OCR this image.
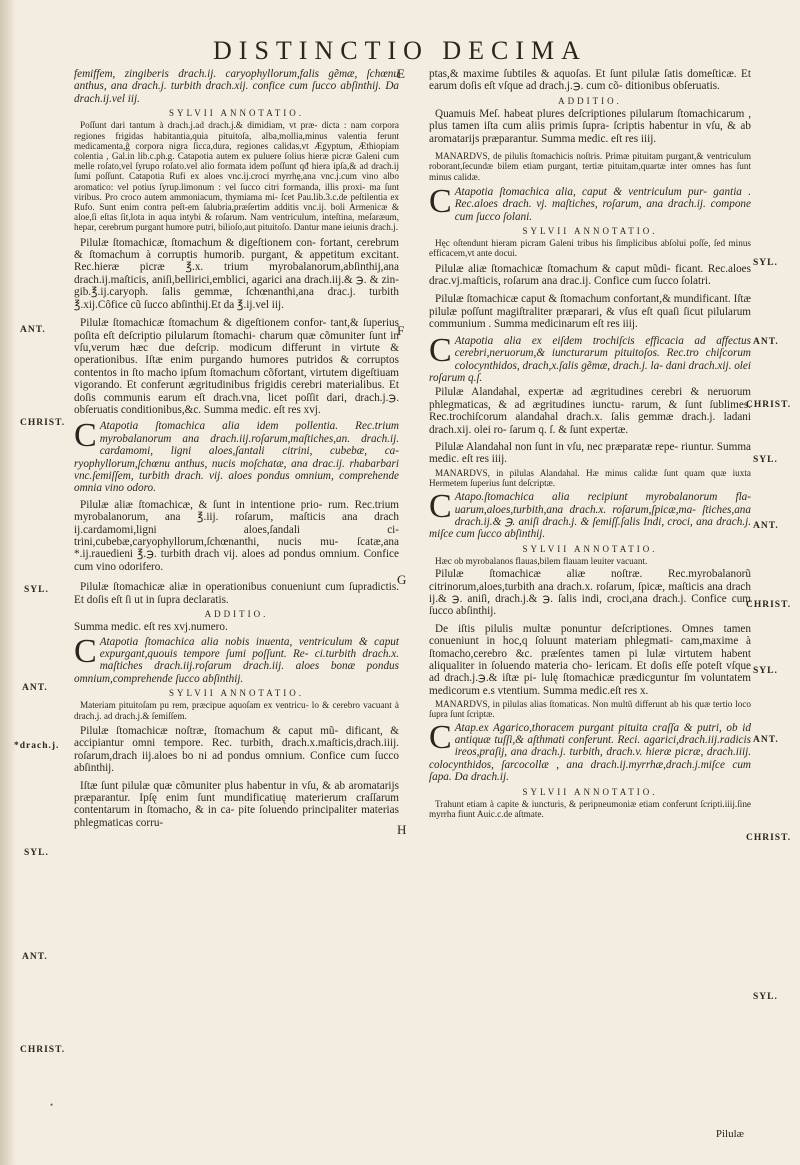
DISTINCTIO DECIMA

femiffem, zingiberis drach.ij. caryophyllorum,falis gẽmæ, ſchœnu anthus, ana drach.j. turbith drach.xij. confice cum ſucco abſinthij. Da drach.ij.vel iij.

SYLVII ANNOTATIO.

Poſſunt dari tantum à drach.j.ad drach.j.& dimidiam, vt præ- dicta : nam corpora regiones frigidas habitantia,quia pituitoſa, alba,mollia,minus valentia ferunt medicamenta,ĝ corpora nigra ſicca,dura, regiones calidas,vt Ægyptum, Æthiopiam colentia , Gal.in lib.c.ph.g. Catapotia autem ex puluere ſolius hieræ picræ Galeni cum melle roſato,vel ſyrupo roſato.vel alio formata idem poſſunt qđ hiera ipſa,& ad drach.ij ſumi poſſunt. Catapotia Rufi ex aloes vnc.ij.croci myrrhę,ana vnc.j.cum vino albo aromatico: vel potius ſyrup.limonum : vel ſucco citri formanda, illis proxi- ma ſunt viribus. Pro croco autem ammoniacum, thymiama mi- ſcet Pau.lib.3.c.de peſtilentia ex Rufo. Sunt enim contra peſt-em ſalubria,præſertim additis vnc.ij. boli Armenicæ & aloe,ſi eſtas ſit,lota in aqua intybi & roſarum. Nam ventriculum, inteſtina, meſaræum, hepar, cerebrum purgant humore putri, bilioſo,aut pituitoſo. Dantur mane ieiunis drach.j.

Pilulæ ſtomachicæ, ſtomachum & digeſtionem con- fortant, cerebrum & ſtomachum à corruptis humorib. purgant, & appetitum excitant. Rec.hieræ picræ ℥.x. trium myrobalanorum,abſinthij,ana drach.ij.maſticis, aniſi,bellirici,emblici, agarici ana drach.iij.& ℈. & zin- gib.℥.ij.caryoph. ſalis gemmæ, ſchœnanthi,ana drac.j. turbith ℥.xij.Côfice cũ ſucco abſinthij.Et da ℥.ij.vel iij.

Pilulæ ſtomachicæ ſtomachum & digeſtionem confor- tant,& ſuperius poſita eſt deſcriptio pilularum ſtomachi- charum quæ cõmuniter ſunt in vſu,verum hæc due deſcrip. modicum differunt in virtute & operationibus. Iſtæ enim purgando humores putridos & corruptos contentos in ſto macho ipſum ſtomachum cõfortant, virtutem digeſtiuam vigorando. Et conferunt ægritudinibus frigidis cerebri materialibus. Et doſis communis earum eſt drach.vna, licet poſſit dari, drach.j.℈. obſeruatis conditionibus,&c. Summa medic. eſt res xvj.

C Atapotia ſtomachica alia idem pollentia. Rec.trium myrobalanorum ana drach.iij.roſarum,maſtiches,an. drach.ij. cardamomi, ligni aloes,ſantali citrini, cubebæ, ca- ryophyllorum,ſchœnu anthus, nucis moſchatæ, ana drac.ij. rhabarbari vnc.ſemiſſem, turbith drach. vij. aloes pondus omnium, comprehende omnia vino odoro.

Pilulæ aliæ ſtomachicæ, & ſunt in intentione prio- rum. Rec.trium myrobalanorum, ana ℥.iij. roſarum, maſticis ana drach ij.cardamomi,ligni aloes,ſandali ci- trini,cubebæ,caryophyllorum,ſchœnanthi, nucis mu- ſcatæ,ana *.ij.rauedieni ℥.℈. turbith drach vij. aloes ad pondus omnium. Confice cum vino odorifero.

Pilulæ ſtomachicæ aliæ in operationibus conueniunt cum ſupradictis. Et doſis eſt ſi ut in ſupra declaratis.

ADDITIO.

Summa medic. eſt res xvj.numero.

C Atapotia ſtomachica alia nobis inuenta, ventriculum & caput expurgant,quouis tempore ſumi poſſunt. Re- ci.turbith drach.x. maſtiches drach.iij.roſarum drach.iij. aloes bonæ pondus omnium,comprehende ſucco abſinthij.

SYLVII ANNOTATIO.

Materiam pituitoſam pu rem, præcipue aquoſam ex ventricu- lo & cerebro vacuant à drach.j. ad drach.j.& ſemiſſem.

Pilulæ ſtomachicæ noſtræ, ſtomachum & caput mũ- dificant, & accipiantur omni tempore. Rec. turbith, drach.x.maſticis,drach.iiij. roſarum,drach iij.aloes bo ni ad pondus omnium. Confice cum ſucco abſinthij.

Iſtæ ſunt pilulæ quæ cõmuniter plus habentur in vſu, & ab aromatarijs præparantur. Ipſę enim ſunt mundificatiuę materierum craſſarum contentarum in ſtomacho, & in ca- pite ſoluendo principaliter materias phlegmaticas corru-

ptas,& maxime ſubtiles & aquoſas. Et ſunt pilulæ ſatis domeſticæ. Et earum doſis eſt vſque ad drach.j.℈. cum cõ- ditionibus obſeruatis.

ADDITIO.

Quamuis Meſ. habeat plures deſcriptiones pilularum ſtomachicarum , plus tamen iſta cum aliis primis ſupra- ſcriptis habentur in vſu, & ab aromatarijs præparantur. Summa medic. eſt res iiij.

MANARDVS, de pilulis ſtomachicis noſtris. Primæ pituitam purgant,& ventriculum roborant,ſecundæ bilem etiam purgant, tertiæ pituitam,quartæ inter omnes has ſunt minus calidæ.

C Atapotia ſtomachica alia, caput & ventriculum pur- gantia . Rec.aloes drach. vj. maſtiches, roſarum, ana drach.ij. compone cum ſucco ſolani.

SYLVII ANNOTATIO.

Hęc oſtendunt hieram picram Galeni tribus his ſimplicibus abſolui poſſe, ſed minus efficacem,vt ante docui.

Pilulæ aliæ ſtomachicæ ſtomachum & caput mũdi- ficant. Rec.aloes drac.vj.maſticis, roſarum ana drac.ij. Confice cum ſucco ſolatri.

Pilulæ ſtomachicæ caput & ſtomachum confortant,& mundificant. Iſtæ pilulæ poſſunt magiſtraliter præparari, & vſus eſt quaſi ſicut pilularum communium . Summa medicinarum eſt res iiij.

C Atapotia alia ex eiſdem trochiſcis efficacia ad affectus cerebri,neruorum,& iuncturarum pituitoſos. Rec.tro chiſcorum colocynthidos, drach,x.ſalis gẽmæ, drach.j. la- dani drach.xij. olei roſarum q.ſ.

Pilulæ Alandahal, expertæ ad ægritudines cerebri & neruorum phlegmaticas, & ad ægritudines iunctu- rarum, & ſunt ſublimes. Rec.trochiſcorum alandahal drach.x. ſalis gemmæ drach.j. ladani drach.xij. olei ro- ſarum q. ſ. & ſunt expertæ.

Pilulæ Alandahal non ſunt in vſu, nec præparatæ repe- riuntur. Summa medic. eſt res iiij.

MANARDVS, in pilulas Alandahal. Hæ minus calidæ ſunt quam quæ iuxta Hermetem ſuperius ſunt deſcriptæ.

C Atapo.ſtomachica alia recipiunt myrobalanorum fla- uarum,aloes,turbith,ana drach.x. roſarum,ſpicæ,ma- ſtiches,ana drach.ij.& ℈. aniſi drach.j. & ſemiſſ.ſalis Indi, croci, ana drach.j. miſce cum ſucco abſinthij.

SYLVII ANNOTATIO.

Hæc ob myrobalanos flauas,bilem flauam leuiter vacuant.

Pilulæ ſtomachicæ aliæ noſtræ. Rec.myrobalanorũ citrinorum,aloes,turbith ana drach.x. roſarum, ſpicæ, maſticis ana drach ij.& ℈. aniſi, drach.j.& ℈. ſalis indi, croci,ana drach.j. Confice cum ſucco abſinthij.

De iſtis pilulis multæ ponuntur deſcriptiones. Omnes tamen conueniunt in hoc,q ſoluunt materiam phlegmati- cam,maxime à ſtomacho,cerebro &c. præſentes tamen pi lulæ virtutem habent aliqualiter in ſoluendo materia cho- lericam. Et doſis eſſe poteſt vſque ad drach.j.℈.& iſtæ pi- lulę ſtomachicæ prædicguntur ſm voluntatem medicorum e.s vtentium. Summa medic.eſt res x.

MANARDVS, in pilulas alias ſtomaticas. Non multũ differunt ab his quæ tertio loco ſupra ſunt ſcriptæ.

C Atap.ex Agarico,thoracem purgant pituita craſſa & putri, ob id antiquæ tuſſi,& aſthmati conferunt. Reci. agarici,drach.iij.radicis ireos,praſij, ana drach.j. turbith, drach.v. hieræ picræ, drach.iiij. colocynthidos, ſarcocollæ , ana drach.ij.myrrhæ,drach.j.miſce cum ſapa. Da drach.ij.

SYLVII ANNOTATIO.

Trahunt etiam à capite & iuncturis, & peripneumoniæ etiam conferunt ſcripti.iiij.ſine myrrha fiunt Auic.c.de aſtmate.

E
F
G
H
ANT.
CHRIST.
SYL.
ANT.
*drach.j.
SYL.
ANT.
CHRIST.
SYL.
ANT.
CHRIST.
SYL.
ANT.
CHRIST.
SYL.
ANT.
CHRIST.
SYL.
Pilulæ
•
